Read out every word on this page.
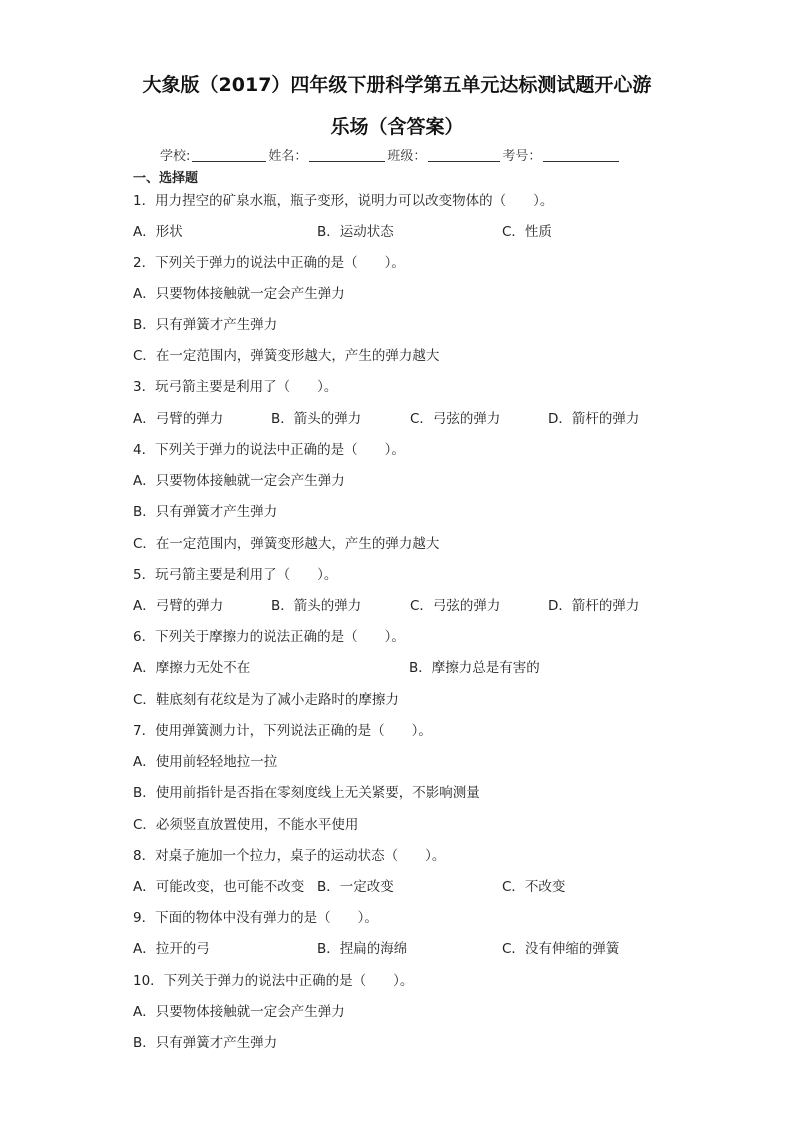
大象版（2017）四年级下册科学第五单元达标测试题开心游
乐场（含答案）
学校:	姓名：	班级：	考号：
一、选择题
1．用力捏空的矿泉水瓶，瓶子变形，说明力可以改变物体的（　　）。
A．形状	B．运动状态	C．性质
2．下列关于弹力的说法中正确的是（　　）。
A．只要物体接触就一定会产生弹力
B．只有弹簧才产生弹力
C．在一定范围内，弹簧变形越大，产生的弹力越大
3．玩弓箭主要是利用了（　　）。
A．弓臂的弹力	B．箭头的弹力	C．弓弦的弹力	D．箭杆的弹力
4．下列关于弹力的说法中正确的是（　　）。
A．只要物体接触就一定会产生弹力
B．只有弹簧才产生弹力
C．在一定范围内，弹簧变形越大，产生的弹力越大
5．玩弓箭主要是利用了（　　）。
A．弓臂的弹力	B．箭头的弹力	C．弓弦的弹力	D．箭杆的弹力
6．下列关于摩擦力的说法正确的是（　　）。
A．摩擦力无处不在	B．摩擦力总是有害的
C．鞋底刻有花纹是为了减小走路时的摩擦力
7．使用弹簧测力计，下列说法正确的是（　　）。
A．使用前轻轻地拉一拉
B．使用前指针是否指在零刻度线上无关紧要，不影响测量
C．必须竖直放置使用，不能水平使用
8．对桌子施加一个拉力，桌子的运动状态（　　）。
A．可能改变，也可能不改变 B．一定改变	C．不改变
9．下面的物体中没有弹力的是（　　）。
A．拉开的弓	B．捏扁的海绵	C．没有伸缩的弹簧
10．下列关于弹力的说法中正确的是（　　）。
A．只要物体接触就一定会产生弹力
B．只有弹簧才产生弹力
